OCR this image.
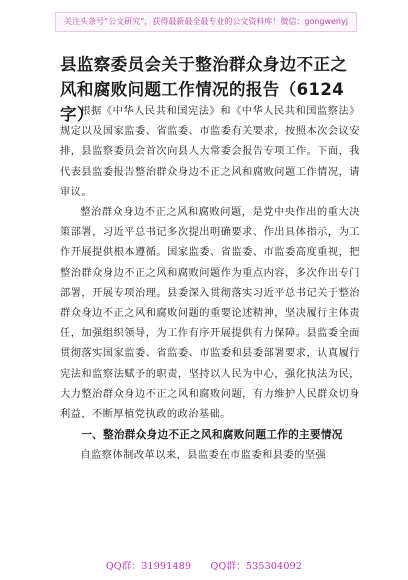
关注头条号“公文研究”，获得最新最全最专业的公文资料库！微信：gongwenyj
县监察委员会关于整治群众身边不正之风和腐败问题工作情况的报告（6124字）

根据《中华人民共和国宪法》和《中华人民共和国监察法》规定以及国家监委、省监委、市监委有关要求，按照本次会议安排，县监察委员会首次向县人大常委会报告专项工作。下面，我代表县监委报告整治群众身边不正之风和腐败问题工作情况，请审议。

整治群众身边不正之风和腐败问题，是党中央作出的重大决策部署，习近平总书记多次提出明确要求、作出具体指示，为工作开展提供根本遵循。国家监委、省监委、市监委高度重视，把整治群众身边不正之风和腐败问题作为重点内容，多次作出专门部署，开展专项治理。县委深入贯彻落实习近平总书记关于整治群众身边不正之风和腐败问题的重要论述精神，坚决履行主体责任，加强组织领导，为工作有序开展提供有力保障。县监委全面贯彻落实国家监委、省监委、市监委和县委部署要求，认真履行宪法和监察法赋予的职责，坚持以人民为中心，强化执法为民，大力整治群众身边不正之风和腐败问题，有力维护人民群众切身利益，不断厚植党执政的政治基础。

一、整治群众身边不正之风和腐败问题工作的主要情况

自监察体制改革以来，县监委在市监委和县委的坚强

QQ群：31991489 QQ群：535304092
